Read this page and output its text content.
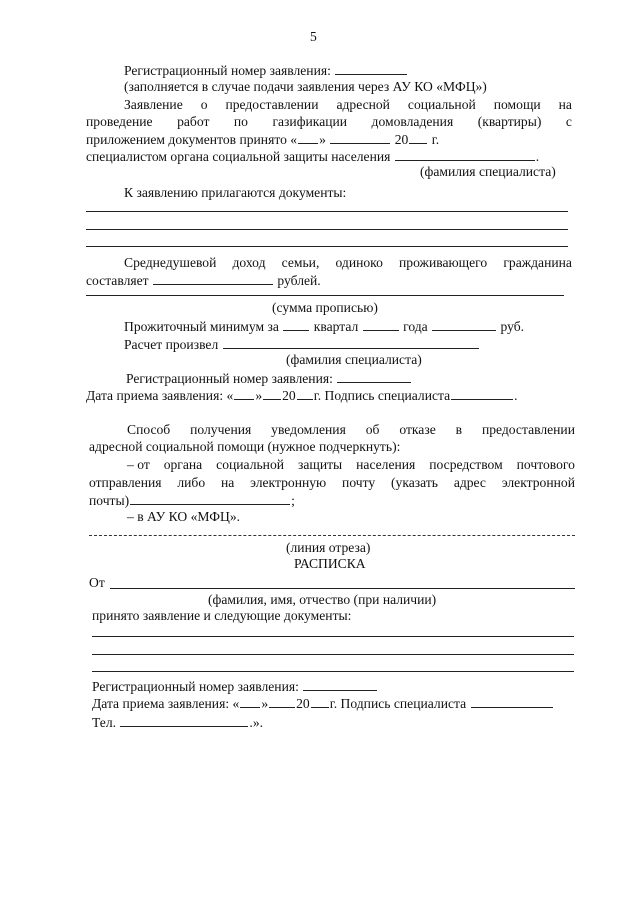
5
Регистрационный номер заявления:
(заполняется в случае подачи заявления через АУ КО «МФЦ»)
Заявление о предоставлении адресной социальной помощи на
проведение работ по газификации домовладения (квартиры) с
приложением документов принято « »	20 г.
специалистом органа социальной защиты населения	.
(фамилия специалиста)
К заявлению прилагаются документы:
Среднедушевой доход семьи, одиноко проживающего гражданина
составляет	рублей.
(сумма прописью)
Прожиточный минимум за	квартал	года	руб.
Расчет произвел
(фамилия специалиста)
Регистрационный номер заявления:
Дата приема заявления: « » 20 г. Подпись специалиста	.
Способ получения уведомления об отказе в предоставлении
адресной социальной помощи (нужное подчеркнуть):
– от органа социальной защиты населения посредством почтового
отправления либо на электронную почту (указать адрес электронной
почты)	;
– в АУ КО «МФЦ».
(линия отреза)
РАСПИСКА
От
(фамилия, имя, отчество (при наличии)
принято заявление и следующие документы:
Регистрационный номер заявления:
Дата приема заявления: « » 20 г. Подпись специалиста
Тел.	.».
